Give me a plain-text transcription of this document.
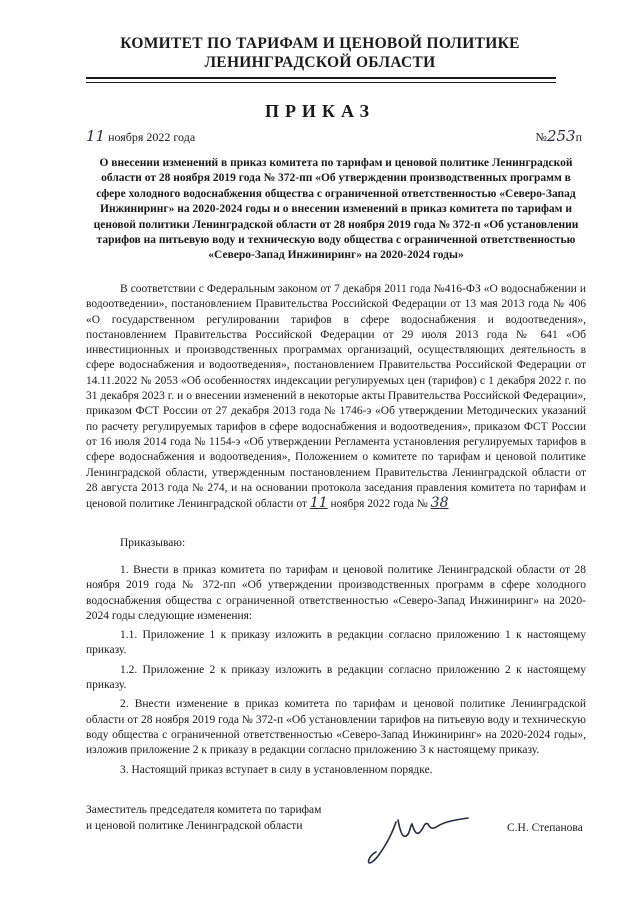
КОМИТЕТ ПО ТАРИФАМ И ЦЕНОВОЙ ПОЛИТИКЕ
ЛЕНИНГРАДСКОЙ ОБЛАСТИ
ПРИКАЗ
11 ноября 2022 года	№253п
О внесении изменений в приказ комитета по тарифам и ценовой политике Ленинградской области от 28 ноября 2019 года № 372-пп «Об утверждении производственных программ в сфере холодного водоснабжения общества с ограниченной ответственностью «Северо-Запад Инжиниринг» на 2020-2024 годы и о внесении изменений в приказ комитета по тарифам и ценовой политики Ленинградской области от 28 ноября 2019 года № 372-п «Об установлении тарифов на питьевую воду и техническую воду общества с ограниченной ответственностью «Северо-Запад Инжиниринг» на 2020-2024 годы»
В соответствии с Федеральным законом от 7 декабря 2011 года №416-ФЗ «О водоснабжении и водоотведении», постановлением Правительства Российской Федерации от 13 мая 2013 года № 406 «О государственном регулировании тарифов в сфере водоснабжения и водоотведения», постановлением Правительства Российской Федерации от 29 июля 2013 года № 641 «Об инвестиционных и производственных программах организаций, осуществляющих деятельность в сфере водоснабжения и водоотведения», постановлением Правительства Российской Федерации от 14.11.2022 № 2053 «Об особенностях индексации регулируемых цен (тарифов) с 1 декабря 2022 г. по 31 декабря 2023 г. и о внесении изменений в некоторые акты Правительства Российской Федерации», приказом ФСТ России от 27 декабря 2013 года № 1746-э «Об утверждении Методических указаний по расчету регулируемых тарифов в сфере водоснабжения и водоотведения», приказом ФСТ России от 16 июля 2014 года № 1154-э «Об утверждении Регламента установления регулируемых тарифов в сфере водоснабжения и водоотведения», Положением о комитете по тарифам и ценовой политике Ленинградской области, утвержденным постановлением Правительства Ленинградской области от 28 августа 2013 года № 274, и на основании протокола заседания правления комитета по тарифам и ценовой политике Ленинградской области от 11 ноября 2022 года № 38
Приказываю:

1. Внести в приказ комитета по тарифам и ценовой политике Ленинградской области от 28 ноября 2019 года № 372-пп «Об утверждении производственных программ в сфере холодного водоснабжения общества с ограниченной ответственностью «Северо-Запад Инжиниринг» на 2020-2024 годы следующие изменения:

1.1. Приложение 1 к приказу изложить в редакции согласно приложению 1 к настоящему приказу.

1.2. Приложение 2 к приказу изложить в редакции согласно приложению 2 к настоящему приказу.

2. Внести изменение в приказ комитета по тарифам и ценовой политике Ленинградской области от 28 ноября 2019 года № 372-п «Об установлении тарифов на питьевую воду и техническую воду общества с ограниченной ответственностью «Северо-Запад Инжиниринг» на 2020-2024 годы», изложив приложение 2 к приказу в редакции согласно приложению 3 к настоящему приказу.

3. Настоящий приказ вступает в силу в установленном порядке.

Заместитель председателя комитета по тарифам
и ценовой политике Ленинградской области	С.Н. Степанова
